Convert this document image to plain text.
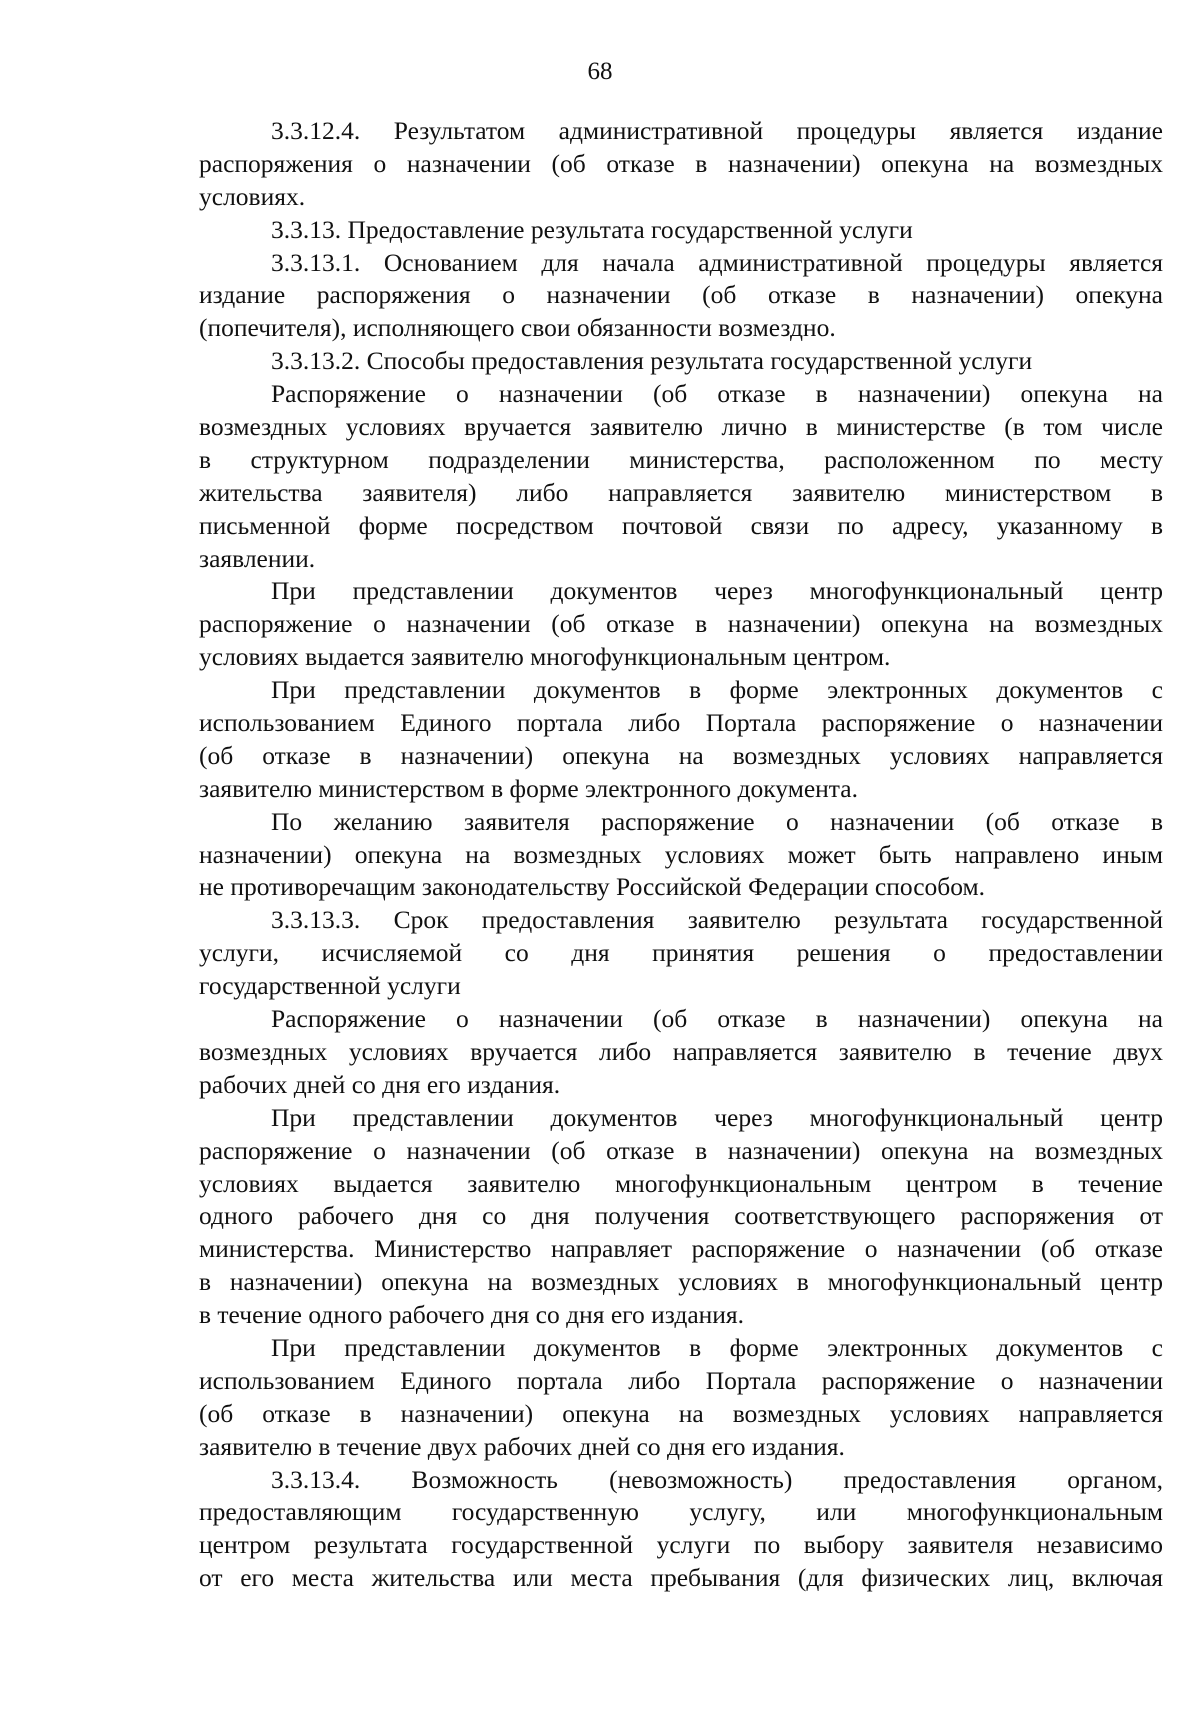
68
3.3.12.4. Результатом административной процедуры является издание
распоряжения о назначении (об отказе в назначении) опекуна на возмездных
условиях.
3.3.13. Предоставление результата государственной услуги
3.3.13.1. Основанием для начала административной процедуры является
издание распоряжения о назначении (об отказе в назначении) опекуна
(попечителя), исполняющего свои обязанности возмездно.
3.3.13.2. Способы предоставления результата государственной услуги
Распоряжение о назначении (об отказе в назначении) опекуна на
возмездных условиях вручается заявителю лично в министерстве (в том числе
в структурном подразделении министерства, расположенном по месту
жительства заявителя) либо направляется заявителю министерством в
письменной форме посредством почтовой связи по адресу, указанному в
заявлении.
При представлении документов через многофункциональный центр
распоряжение о назначении (об отказе в назначении) опекуна на возмездных
условиях выдается заявителю многофункциональным центром.
При представлении документов в форме электронных документов с
использованием Единого портала либо Портала распоряжение о назначении
(об отказе в назначении) опекуна на возмездных условиях направляется
заявителю министерством в форме электронного документа.
По желанию заявителя распоряжение о назначении (об отказе в
назначении) опекуна на возмездных условиях может быть направлено иным
не противоречащим законодательству Российской Федерации способом.
3.3.13.3. Срок предоставления заявителю результата государственной
услуги, исчисляемой со дня принятия решения о предоставлении
государственной услуги
Распоряжение о назначении (об отказе в назначении) опекуна на
возмездных условиях вручается либо направляется заявителю в течение двух
рабочих дней со дня его издания.
При представлении документов через многофункциональный центр
распоряжение о назначении (об отказе в назначении) опекуна на возмездных
условиях выдается заявителю многофункциональным центром в течение
одного рабочего дня со дня получения соответствующего распоряжения от
министерства. Министерство направляет распоряжение о назначении (об отказе
в назначении) опекуна на возмездных условиях в многофункциональный центр
в течение одного рабочего дня со дня его издания.
При представлении документов в форме электронных документов с
использованием Единого портала либо Портала распоряжение о назначении
(об отказе в назначении) опекуна на возмездных условиях направляется
заявителю в течение двух рабочих дней со дня его издания.
3.3.13.4. Возможность (невозможность) предоставления органом,
предоставляющим государственную услугу, или многофункциональным
центром результата государственной услуги по выбору заявителя независимо
от его места жительства или места пребывания (для физических лиц, включая
